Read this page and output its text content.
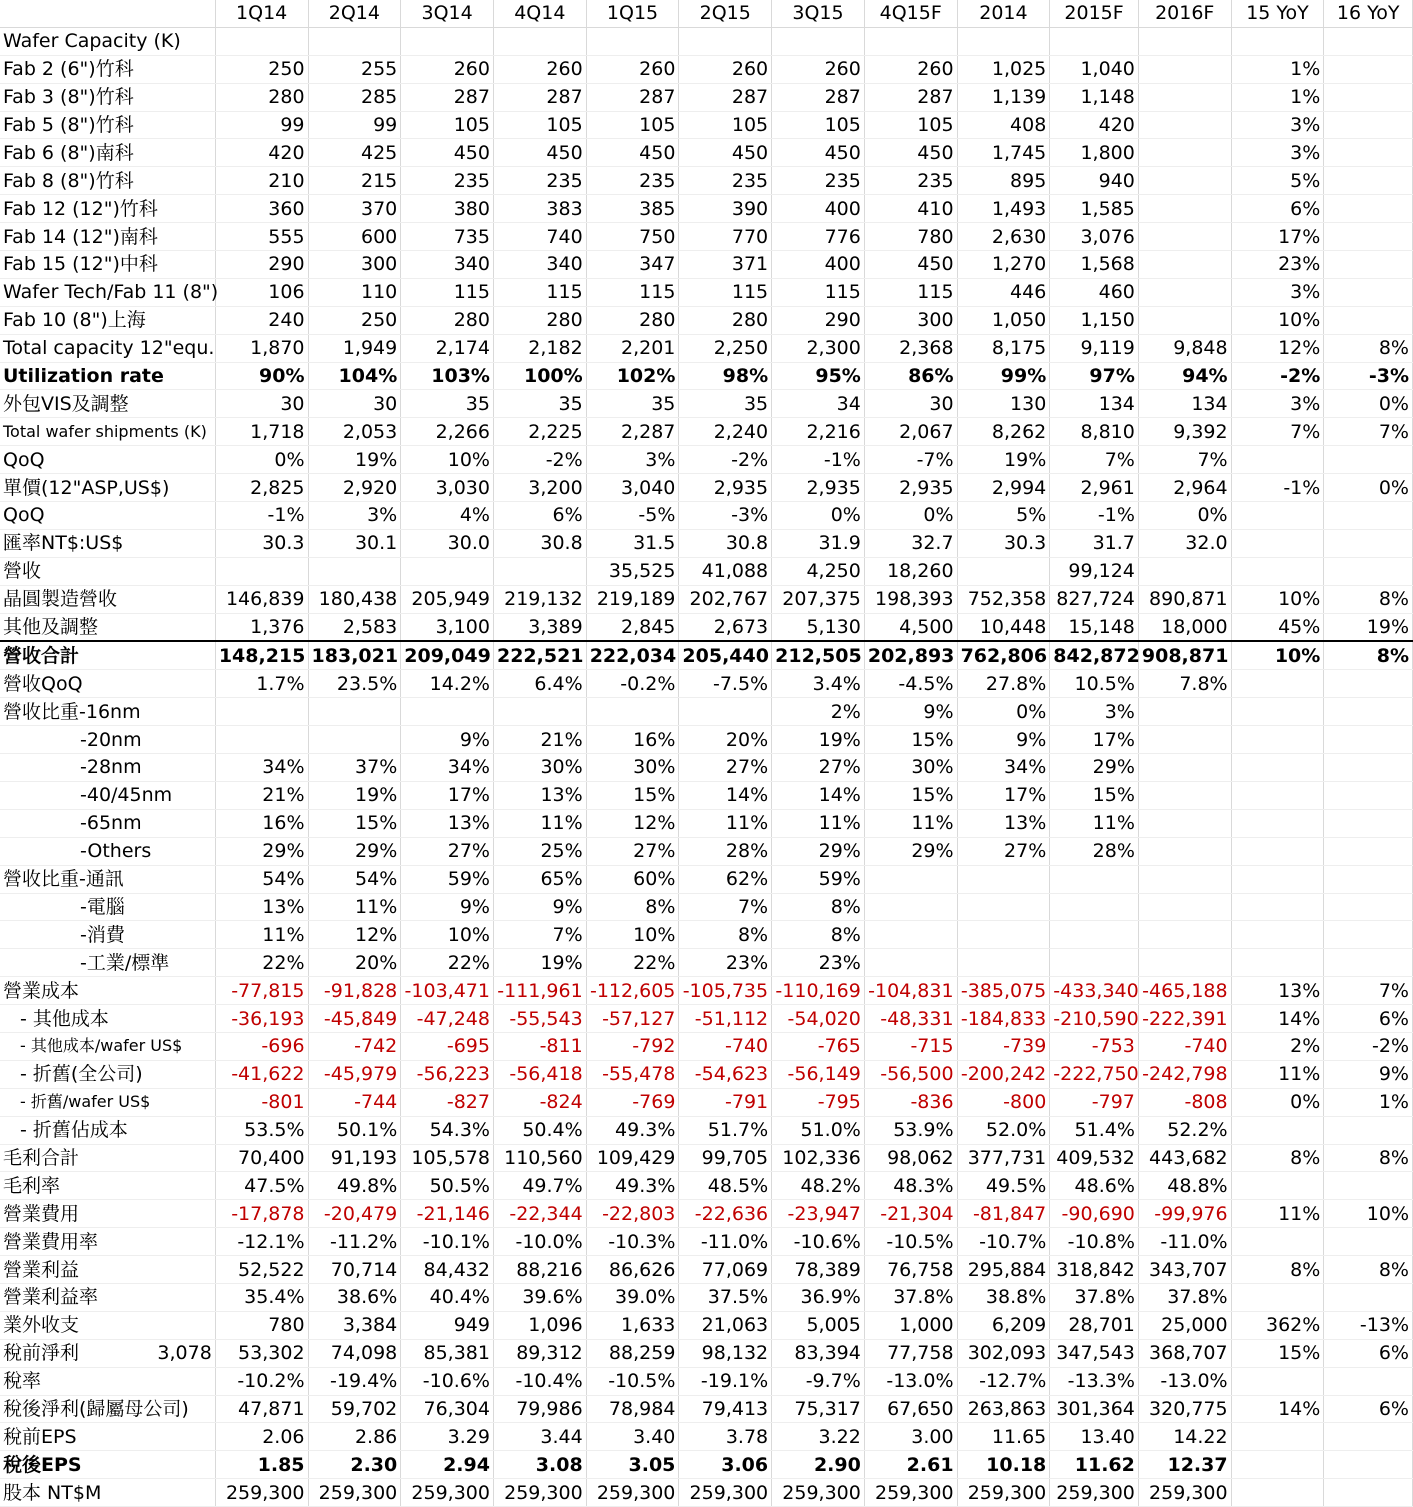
	1Q14	2Q14	3Q14	4Q14	1Q15	2Q15	3Q15	4Q15F	2014	2015F	2016F	15 YoY	16 YoY
Wafer Capacity (K)													
Fab 2 (6")竹科	250	255	260	260	260	260	260	260	1,025	1,040		1%	
Fab 3 (8")竹科	280	285	287	287	287	287	287	287	1,139	1,148		1%	
Fab 5 (8")竹科	99	99	105	105	105	105	105	105	408	420		3%	
Fab 6 (8")南科	420	425	450	450	450	450	450	450	1,745	1,800		3%	
Fab 8 (8")竹科	210	215	235	235	235	235	235	235	895	940		5%	
Fab 12 (12")竹科	360	370	380	383	385	390	400	410	1,493	1,585		6%	
Fab 14 (12")南科	555	600	735	740	750	770	776	780	2,630	3,076		17%	
Fab 15 (12")中科	290	300	340	340	347	371	400	450	1,270	1,568		23%	
Wafer Tech/Fab 11 (8")	106	110	115	115	115	115	115	115	446	460		3%	
Fab 10 (8")上海	240	250	280	280	280	280	290	300	1,050	1,150		10%	
Total capacity 12"equ.	1,870	1,949	2,174	2,182	2,201	2,250	2,300	2,368	8,175	9,119	9,848	12%	8%
Utilization rate	90%	104%	103%	100%	102%	98%	95%	86%	99%	97%	94%	-2%	-3%
外包VIS及調整	30	30	35	35	35	35	34	30	130	134	134	3%	0%
Total wafer shipments (K)	1,718	2,053	2,266	2,225	2,287	2,240	2,216	2,067	8,262	8,810	9,392	7%	7%
QoQ	0%	19%	10%	-2%	3%	-2%	-1%	-7%	19%	7%	7%		
單價(12"ASP,US$)	2,825	2,920	3,030	3,200	3,040	2,935	2,935	2,935	2,994	2,961	2,964	-1%	0%
QoQ	-1%	3%	4%	6%	-5%	-3%	0%	0%	5%	-1%	0%		
匯率NT$:US$	30.3	30.1	30.0	30.8	31.5	30.8	31.9	32.7	30.3	31.7	32.0		
營收					35,525	41,088	4,250	18,260		99,124			
晶圓製造營收	146,839	180,438	205,949	219,132	219,189	202,767	207,375	198,393	752,358	827,724	890,871	10%	8%
其他及調整	1,376	2,583	3,100	3,389	2,845	2,673	5,130	4,500	10,448	15,148	18,000	45%	19%
營收合計	148,215	183,021	209,049	222,521	222,034	205,440	212,505	202,893	762,806	842,872	908,871	10%	8%
營收QoQ	1.7%	23.5%	14.2%	6.4%	-0.2%	-7.5%	3.4%	-4.5%	27.8%	10.5%	7.8%		
營收比重-16nm							2%	9%	0%	3%			
-20nm			9%	21%	16%	20%	19%	15%	9%	17%			
-28nm	34%	37%	34%	30%	30%	27%	27%	30%	34%	29%			
-40/45nm	21%	19%	17%	13%	15%	14%	14%	15%	17%	15%			
-65nm	16%	15%	13%	11%	12%	11%	11%	11%	13%	11%			
-Others	29%	29%	27%	25%	27%	28%	29%	29%	27%	28%			
營收比重-通訊	54%	54%	59%	65%	60%	62%	59%						
-電腦	13%	11%	9%	9%	8%	7%	8%						
-消費	11%	12%	10%	7%	10%	8%	8%						
-工業/標準	22%	20%	22%	19%	22%	23%	23%						
營業成本	-77,815	-91,828	-103,471	-111,961	-112,605	-105,735	-110,169	-104,831	-385,075	-433,340	-465,188	13%	7%
- 其他成本	-36,193	-45,849	-47,248	-55,543	-57,127	-51,112	-54,020	-48,331	-184,833	-210,590	-222,391	14%	6%
- 其他成本/wafer US$	-696	-742	-695	-811	-792	-740	-765	-715	-739	-753	-740	2%	-2%
- 折舊(全公司)	-41,622	-45,979	-56,223	-56,418	-55,478	-54,623	-56,149	-56,500	-200,242	-222,750	-242,798	11%	9%
- 折舊/wafer US$	-801	-744	-827	-824	-769	-791	-795	-836	-800	-797	-808	0%	1%
- 折舊佔成本	53.5%	50.1%	54.3%	50.4%	49.3%	51.7%	51.0%	53.9%	52.0%	51.4%	52.2%		
毛利合計	70,400	91,193	105,578	110,560	109,429	99,705	102,336	98,062	377,731	409,532	443,682	8%	8%
毛利率	47.5%	49.8%	50.5%	49.7%	49.3%	48.5%	48.2%	48.3%	49.5%	48.6%	48.8%		
營業費用	-17,878	-20,479	-21,146	-22,344	-22,803	-22,636	-23,947	-21,304	-81,847	-90,690	-99,976	11%	10%
營業費用率	-12.1%	-11.2%	-10.1%	-10.0%	-10.3%	-11.0%	-10.6%	-10.5%	-10.7%	-10.8%	-11.0%		
營業利益	52,522	70,714	84,432	88,216	86,626	77,069	78,389	76,758	295,884	318,842	343,707	8%	8%
營業利益率	35.4%	38.6%	40.4%	39.6%	39.0%	37.5%	36.9%	37.8%	38.8%	37.8%	37.8%		
業外收支	780	3,384	949	1,096	1,633	21,063	5,005	1,000	6,209	28,701	25,000	362%	-13%
稅前淨利 3,078	53,302	74,098	85,381	89,312	88,259	98,132	83,394	77,758	302,093	347,543	368,707	15%	6%
稅率	-10.2%	-19.4%	-10.6%	-10.4%	-10.5%	-19.1%	-9.7%	-13.0%	-12.7%	-13.3%	-13.0%		
稅後淨利(歸屬母公司)	47,871	59,702	76,304	79,986	78,984	79,413	75,317	67,650	263,863	301,364	320,775	14%	6%
稅前EPS	2.06	2.86	3.29	3.44	3.40	3.78	3.22	3.00	11.65	13.40	14.22		
稅後EPS	1.85	2.30	2.94	3.08	3.05	3.06	2.90	2.61	10.18	11.62	12.37		
股本 NT$M	259,300	259,300	259,300	259,300	259,300	259,300	259,300	259,300	259,300	259,300	259,300		
